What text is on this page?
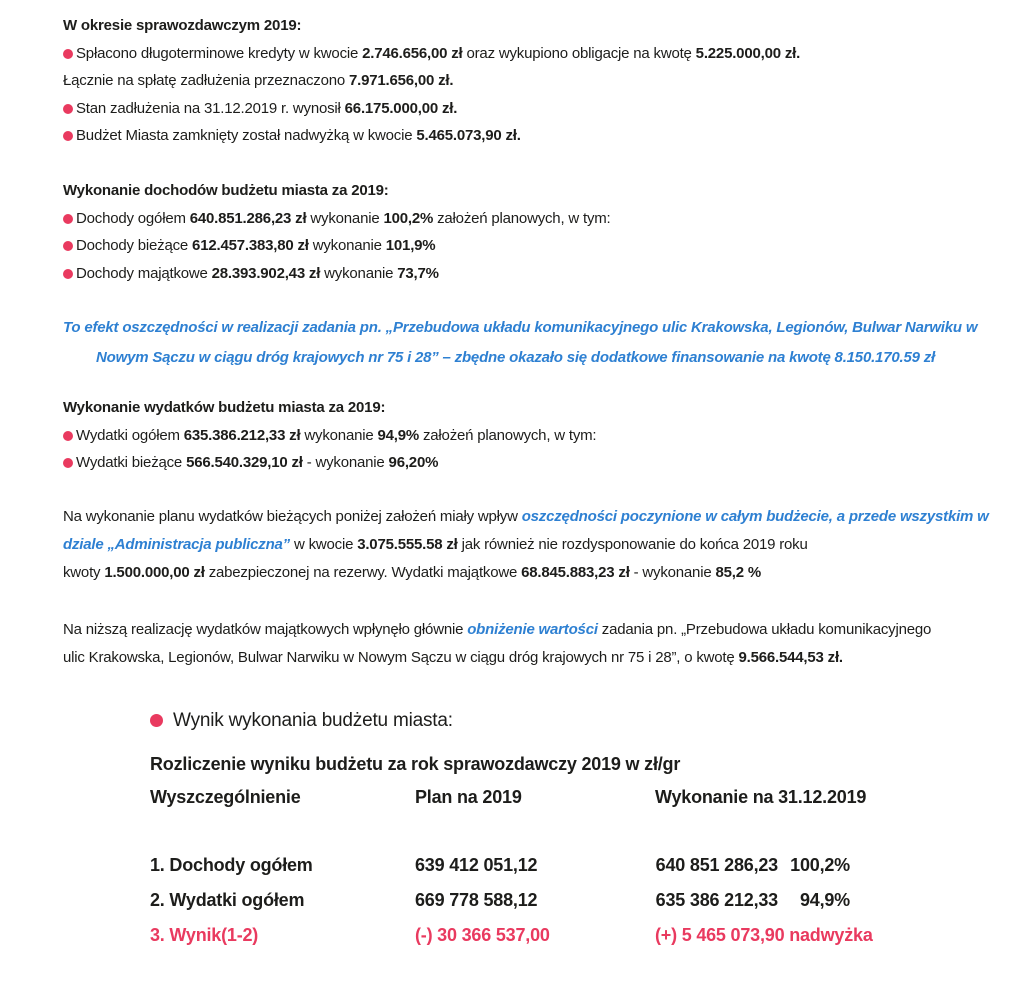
W okresie sprawozdawczym 2019:
Spłacono długoterminowe kredyty w kwocie 2.746.656,00 zł oraz wykupiono obligacje na kwotę 5.225.000,00 zł.
Łącznie na spłatę zadłużenia przeznaczono 7.971.656,00 zł.
Stan zadłużenia na 31.12.2019 r. wynosił 66.175.000,00 zł.
Budżet Miasta zamknięty został nadwyżką w kwocie 5.465.073,90 zł.
Wykonanie dochodów budżetu miasta za 2019:
Dochody ogółem 640.851.286,23 zł wykonanie 100,2% założeń planowych, w tym:
Dochody bieżące 612.457.383,80 zł wykonanie 101,9%
Dochody majątkowe 28.393.902,43 zł wykonanie 73,7%
To efekt oszczędności w realizacji zadania pn. „Przebudowa układu komunikacyjnego ulic Krakowska, Legionów, Bulwar Narwiku w
Nowym Sączu w ciągu dróg krajowych nr 75 i 28” – zbędne okazało się dodatkowe finansowanie na kwotę 8.150.170.59 zł
Wykonanie wydatków budżetu miasta za 2019:
Wydatki ogółem 635.386.212,33 zł wykonanie 94,9% założeń planowych, w tym:
Wydatki bieżące 566.540.329,10 zł - wykonanie 96,20%
Na wykonanie planu wydatków bieżących poniżej założeń miały wpływ oszczędności poczynione w całym budżecie, a przede wszystkim w
dziale „Administracja publiczna” w kwocie 3.075.555.58 zł jak również nie rozdysponowanie do końca 2019 roku
kwoty 1.500.000,00 zł zabezpieczonej na rezerwy. Wydatki majątkowe 68.845.883,23 zł - wykonanie 85,2 %
Na niższą realizację wydatków majątkowych wpłynęło głównie obniżenie wartości zadania pn. „Przebudowa układu komunikacyjnego
ulic Krakowska, Legionów, Bulwar Narwiku w Nowym Sączu w ciągu dróg krajowych nr 75 i 28”, o kwotę 9.566.544,53 zł.
Wynik wykonania budżetu miasta:
Rozliczenie wyniku budżetu za rok sprawozdawczy 2019 w zł/gr
Wyszczególnienie	Plan na 2019	Wykonanie na 31.12.2019
1. Dochody ogółem	639 412 051,12	640 851 286,23 100,2%
2. Wydatki ogółem	669 778 588,12	635 386 212,33	94,9%
3. Wynik(1-2)	(-) 30 366 537,00	(+) 5 465 073,90 nadwyżka
